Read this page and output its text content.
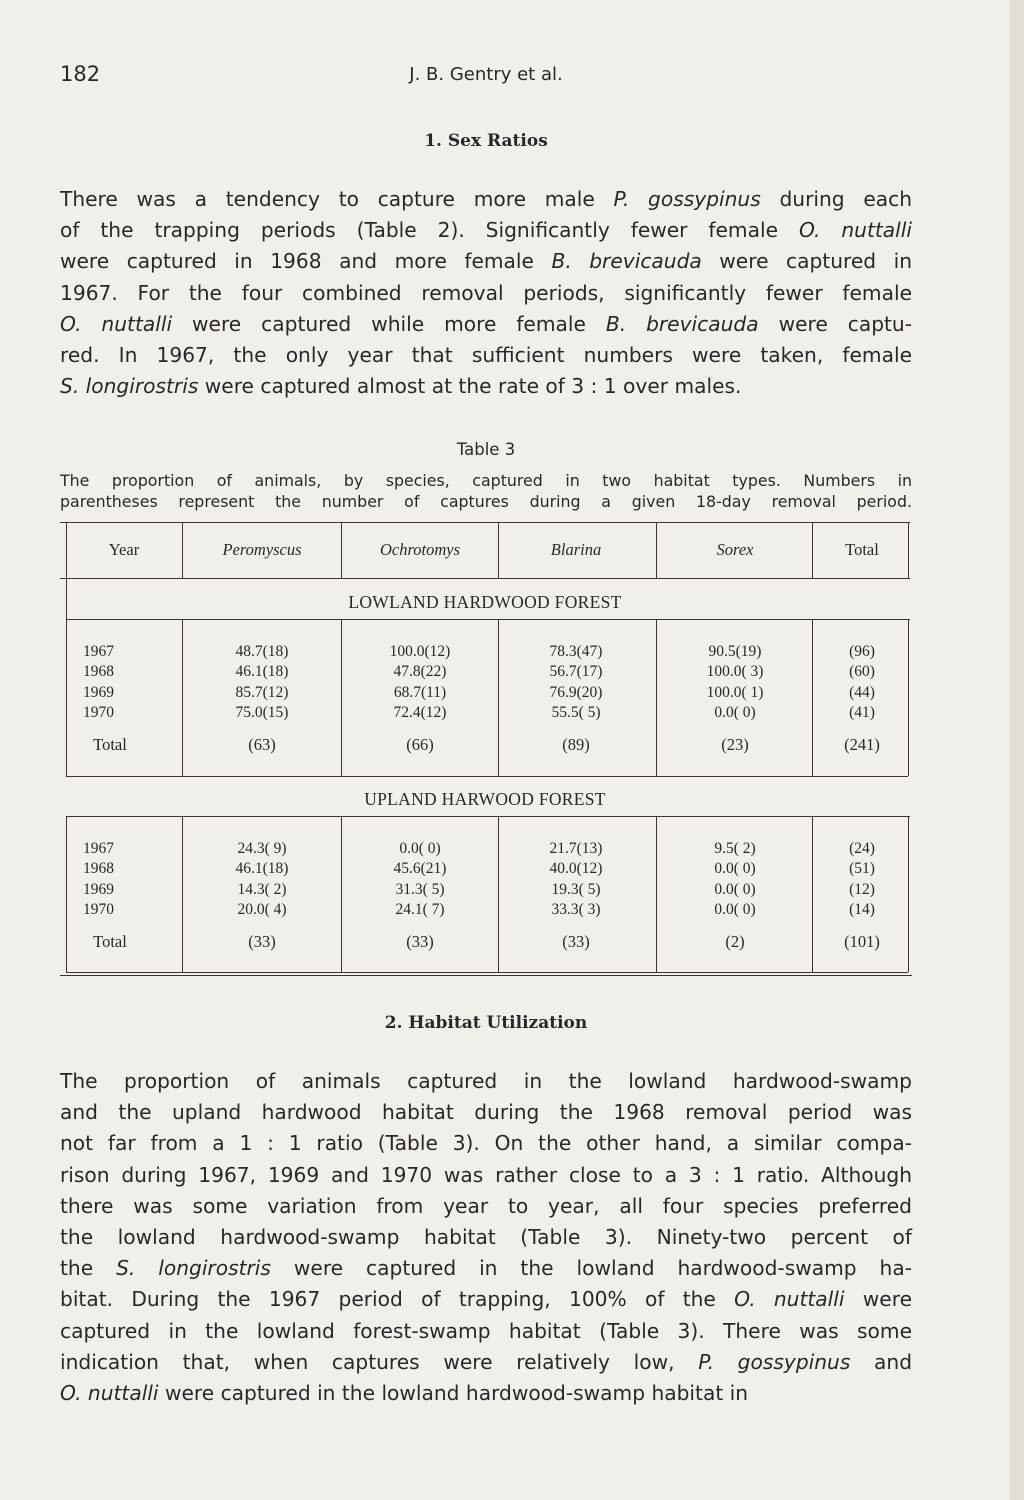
182	J. B. Gentry et al.
1. Sex Ratios
There was a tendency to capture more male P. gossypinus during each
of the trapping periods (Table 2). Significantly fewer female O. nuttalli
were captured in 1968 and more female B. brevicauda were captured in
1967. For the four combined removal periods, significantly fewer female
O. nuttalli were captured while more female B. brevicauda were captu-
red. In 1967, the only year that sufficient numbers were taken, female
S. longirostris were captured almost at the rate of 3 : 1 over males.
Table 3
The proportion of animals, by species, captured in two habitat types. Numbers in
parentheses represent the number of captures during a given 18-day removal period.
Year	Peromyscus	Ochrotomys	Blarina	Sorex	Total
LOWLAND HARDWOOD FOREST
1967	48.7(18)	100.0(12)	78.3(47)	90.5(19)	(96)
1968	46.1(18)	47.8(22)	56.7(17)	100.0( 3)	(60)
1969	85.7(12)	68.7(11)	76.9(20)	100.0( 1)	(44)
1970	75.0(15)	72.4(12)	55.5( 5)	0.0( 0)	(41)
Total	(63)	(66)	(89)	(23)	(241)
UPLAND HARWOOD FOREST
1967	24.3( 9)	0.0( 0)	21.7(13)	9.5( 2)	(24)
1968	46.1(18)	45.6(21)	40.0(12)	0.0( 0)	(51)
1969	14.3( 2)	31.3( 5)	19.3( 5)	0.0( 0)	(12)
1970	20.0( 4)	24.1( 7)	33.3( 3)	0.0( 0)	(14)
Total	(33)	(33)	(33)	(2)	(101)
2. Habitat Utilization
The proportion of animals captured in the lowland hardwood-swamp
and the upland hardwood habitat during the 1968 removal period was
not far from a 1 : 1 ratio (Table 3). On the other hand, a similar compa-
rison during 1967, 1969 and 1970 was rather close to a 3 : 1 ratio. Although
there was some variation from year to year, all four species preferred
the lowland hardwood-swamp habitat (Table 3). Ninety-two percent of
the S. longirostris were captured in the lowland hardwood-swamp ha-
bitat. During the 1967 period of trapping, 100% of the O. nuttalli were
captured in the lowland forest-swamp habitat (Table 3). There was some
indication that, when captures were relatively low, P. gossypinus and
O. nuttalli were captured in the lowland hardwood-swamp habitat in
